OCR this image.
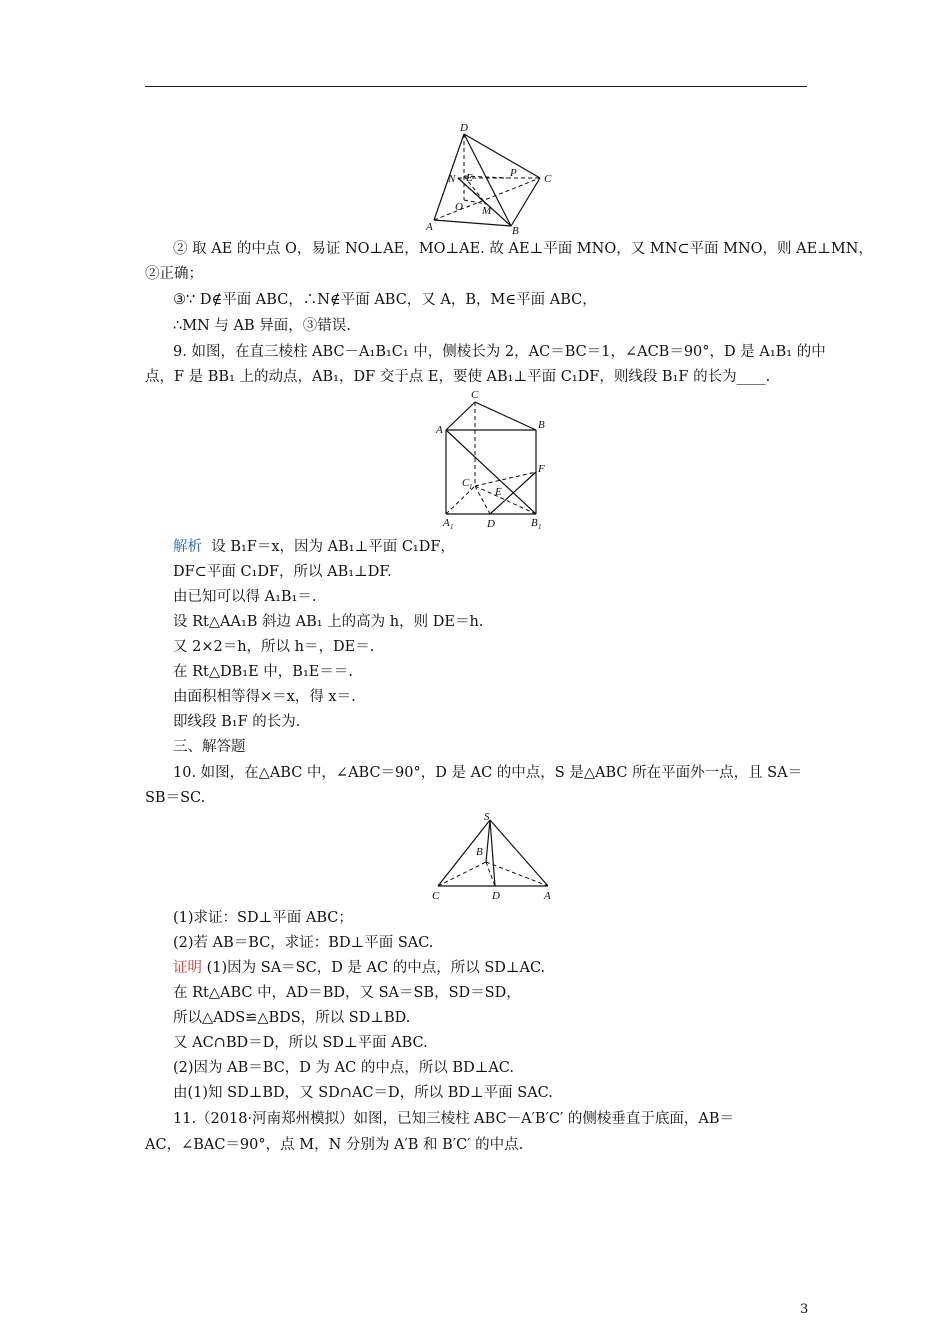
D
N E	P C
O M
A	B
② 取 AE 的中点 O，易证 NO⊥AE，MO⊥AE. 故 AE⊥平面 MNO，又 MN⊂平面 MNO，则 AE⊥MN，
②正确；
③∵ D∉平面 ABC，∴N∉平面 ABC，又 A，B，M∈平面 ABC，
∴MN 与 AB 异面，③错误.
9. 如图，在直三棱柱 ABC－A₁B₁C₁ 中，侧棱长为 2，AC＝BC＝1，∠ACB＝90°，D 是 A₁B₁ 的中
点，F 是 BB₁ 上的动点，AB₁，DF 交于点 E，要使 AB₁⊥平面 C₁DF，则线段 B₁F 的长为____.
C
A	B
F
C 1 E
A 1	D	B 1
解析 设 B₁F＝x，因为 AB₁⊥平面 C₁DF，
DF⊂平面 C₁DF，所以 AB₁⊥DF.
由已知可以得 A₁B₁＝.
设 Rt△AA₁B 斜边 AB₁ 上的高为 h，则 DE＝h.
又 2×2＝h，所以 h＝，DE＝.
在 Rt△DB₁E 中，B₁E＝＝.
由面积相等得×＝x，得 x＝.
即线段 B₁F 的长为.
三、解答题
10. 如图，在△ABC 中，∠ABC＝90°，D 是 AC 的中点，S 是△ABC 所在平面外一点，且 SA＝
SB＝SC.
S
B
C	D	A
(1)求证：SD⊥平面 ABC；
(2)若 AB＝BC，求证：BD⊥平面 SAC.
证明 (1)因为 SA＝SC，D 是 AC 的中点，所以 SD⊥AC.
在 Rt△ABC 中，AD＝BD，又 SA＝SB，SD＝SD，
所以△ADS≌△BDS，所以 SD⊥BD.
又 AC∩BD＝D，所以 SD⊥平面 ABC.
(2)因为 AB＝BC，D 为 AC 的中点，所以 BD⊥AC.
由(1)知 SD⊥BD，又 SD∩AC＝D，所以 BD⊥平面 SAC.
11.（2018·河南郑州模拟）如图，已知三棱柱 ABC－A′B′C′ 的侧棱垂直于底面，AB＝
AC，∠BAC＝90°，点 M，N 分别为 A′B 和 B′C′ 的中点.
3
